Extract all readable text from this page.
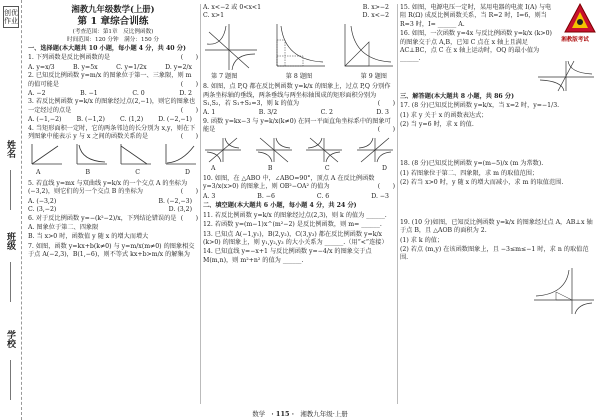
创优作业
姓名
班级
学校

湘教九年级数学(上册)

第 1 章综合训练

(考查范围：第1章　反比例函数)

时间范围：120 分钟　满分：150 分

一、选择题(本大题共 10 小题，每小题 4 分，共 40 分)

1. 下列函数是反比例函数的是	(　　)

A. y=x/3	B. y=5x	C. y=1/2x	D. y=2/x

2. 已知反比例函数 y=m/x 的图象位于第一、三象限，则 m 的值可能是	(　　)

A. −2	B. −1	C. 0	D. 2

3. 若反比例函数 y=k/x 的图象经过点(2,−1)，则它的图象也一定经过的点是	(　　)

A. (−1,−2) B. (−1,2) C. (1,2) D. (−2,−1)

4. 当矩形面积一定时，它的两条邻边的长分别为 x,y，则在下列图象中能表示 y 与 x 之间的函数关系的是	(　　)

A	B	C	D

5. 若直线 y=mx 与双曲线 y=k/x 的一个交点 A 的坐标为(−3,2)，则它们的另一个交点 B 的坐标为	(　　)

A. (−3,2)	B. (−2,−3)
C. (3,−2)	D. (3,2)

6. 对于反比例函数 y=−(k²−2)/x，下列结论错误的是 (　　)

A. 图象位于第二、四象限

B. 当 x>0 时，函数值 y 随 x 的增大而增大

7. 如图，函数 y=kx+b(k≠0) 与 y=m/x(m≠0) 的图象相交于点 A(−2,3)，B(1,−6)，则不等式 kx+b>m/x 的解集为

A. x<−2 或 0<x<1	B. x>−2
C. x>1	D. x<−2
第 7 题图	第 8 题图	第 9 题图

8. 如图，点 P,Q 都在反比例函数 y=k/x 的图象上，过点 P,Q 分别作两条坐标轴的垂线，两条垂线与两坐标轴围成的矩形面积分别为 S₁,S₂，若 S₁+S₂=3，则 k 的值为	(　　)

A. 1	B. 3/2	C. 2	D. 3

9. 函数 y=kx−3 与 y=k/x(k≠0) 在同一平面直角坐标系中的图象可能是	(　　)

A	B	C	D

10. 如图，在 △ABO 中，∠ABO=90°，顶点 A 在反比例函数 y=3/x(x>0) 的图象上，则 OB²−OA² 的值为	(　　)

A. 3	B. −6	C. 6	D. −3

二、填空题(本大题共 6 小题，每小题 4 分，共 24 分)

11. 若反比例函数 y=k/x 的图象经过点(2,3)，则 k 的值为 ______.

12. 若函数 y=(m−1)x^(m²−2) 是反比例函数，则 m= ______.

13. 已知点 A(−1,y₁)，B(2,y₂)，C(3,y₃) 都在反比例函数 y=k/x (k>0) 的图象上，则 y₁,y₂,y₃ 的大小关系为 ______.（用“<”连接）

14. 已知直线 y=−x+1 与反比例函数 y=−4/x 的图象交于点 M(m,n)，则 m²+n² 的值为 ______.

15. 如图，电源电压一定时，某用电器的电流 I(A) 与电阻 R(Ω) 成反比例函数关系，当 R=2 时，I=6，则当 R=3 时，I= ______ A.

16. 如图，一次函数 y=4x 与反比例函数 y=k/x (k>0) 的图象交于点 A,B，已知 C 点在 x 轴上且满足 AC⊥BC，点 C 在 x 轴上运动时，OQ 的最小值为 ______.

三、解答题(本大题共 8 小题，共 86 分)

17. (8 分)已知反比例函数 y=k/x，当 x=2 时，y=−1/3.

(1) 求 y 关于 x 的函数表达式；

(2) 当 y=6 时，求 x 的值.

18. (8 分)已知反比例函数 y=(m−5)/x (m 为常数).

(1) 若图象位于第二、四象限，求 m 的取值范围；

(2) 若当 x>0 时，y 随 x 的增大而减小，求 m 的取值范围.

19. (10 分)如图，已知反比例函数 y=k/x 的图象经过点 A，AB⊥x 轴于点 B，且 △AOB 的面积为 2.

(1) 求 k 的值；

(2) 若点 (m,y) 在该函数图象上，且 −3≤m≤−1 时，求 n 的取值范围.

湘教版考试
数学 · 115 · 湘教九年级·上册
